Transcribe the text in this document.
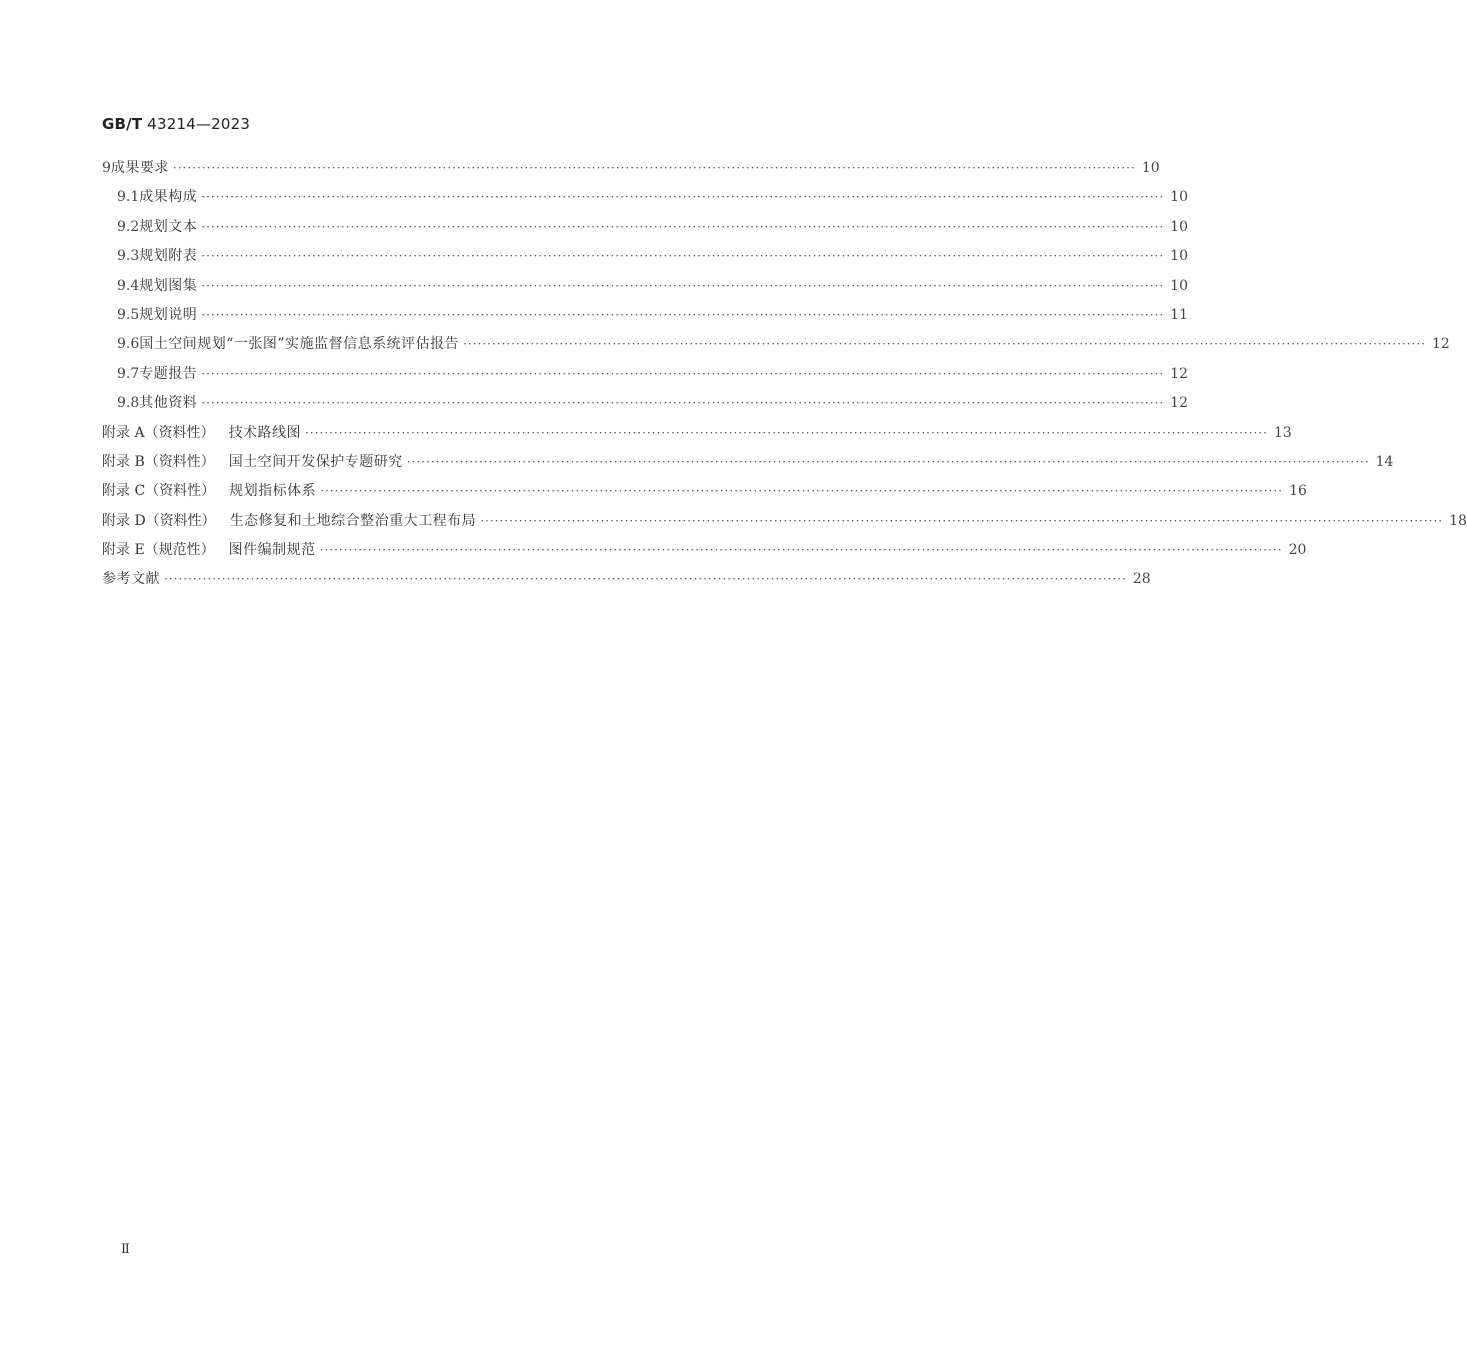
GB/T 43214—2023
9 成果要求 ········································································································································································································ 10
9.1 成果构成 ········································································································································································································ 10
9.2 规划文本 ········································································································································································································ 10
9.3 规划附表 ········································································································································································································ 10
9.4 规划图集 ········································································································································································································ 10
9.5 规划说明 ········································································································································································································ 11
9.6 国土空间规划“一张图”实施监督信息系统评估报告 ········································································································································································································ 12
9.7 专题报告 ········································································································································································································ 12
9.8 其他资料 ········································································································································································································ 12
附录 A（资料性） 技术路线图 ········································································································································································································ 13
附录 B（资料性） 国土空间开发保护专题研究 ········································································································································································································ 14
附录 C（资料性） 规划指标体系 ········································································································································································································ 16
附录 D（资料性） 生态修复和土地综合整治重大工程布局 ········································································································································································································ 18
附录 E（规范性） 图件编制规范 ········································································································································································································ 20
参考文献 ········································································································································································································ 28
Ⅱ
